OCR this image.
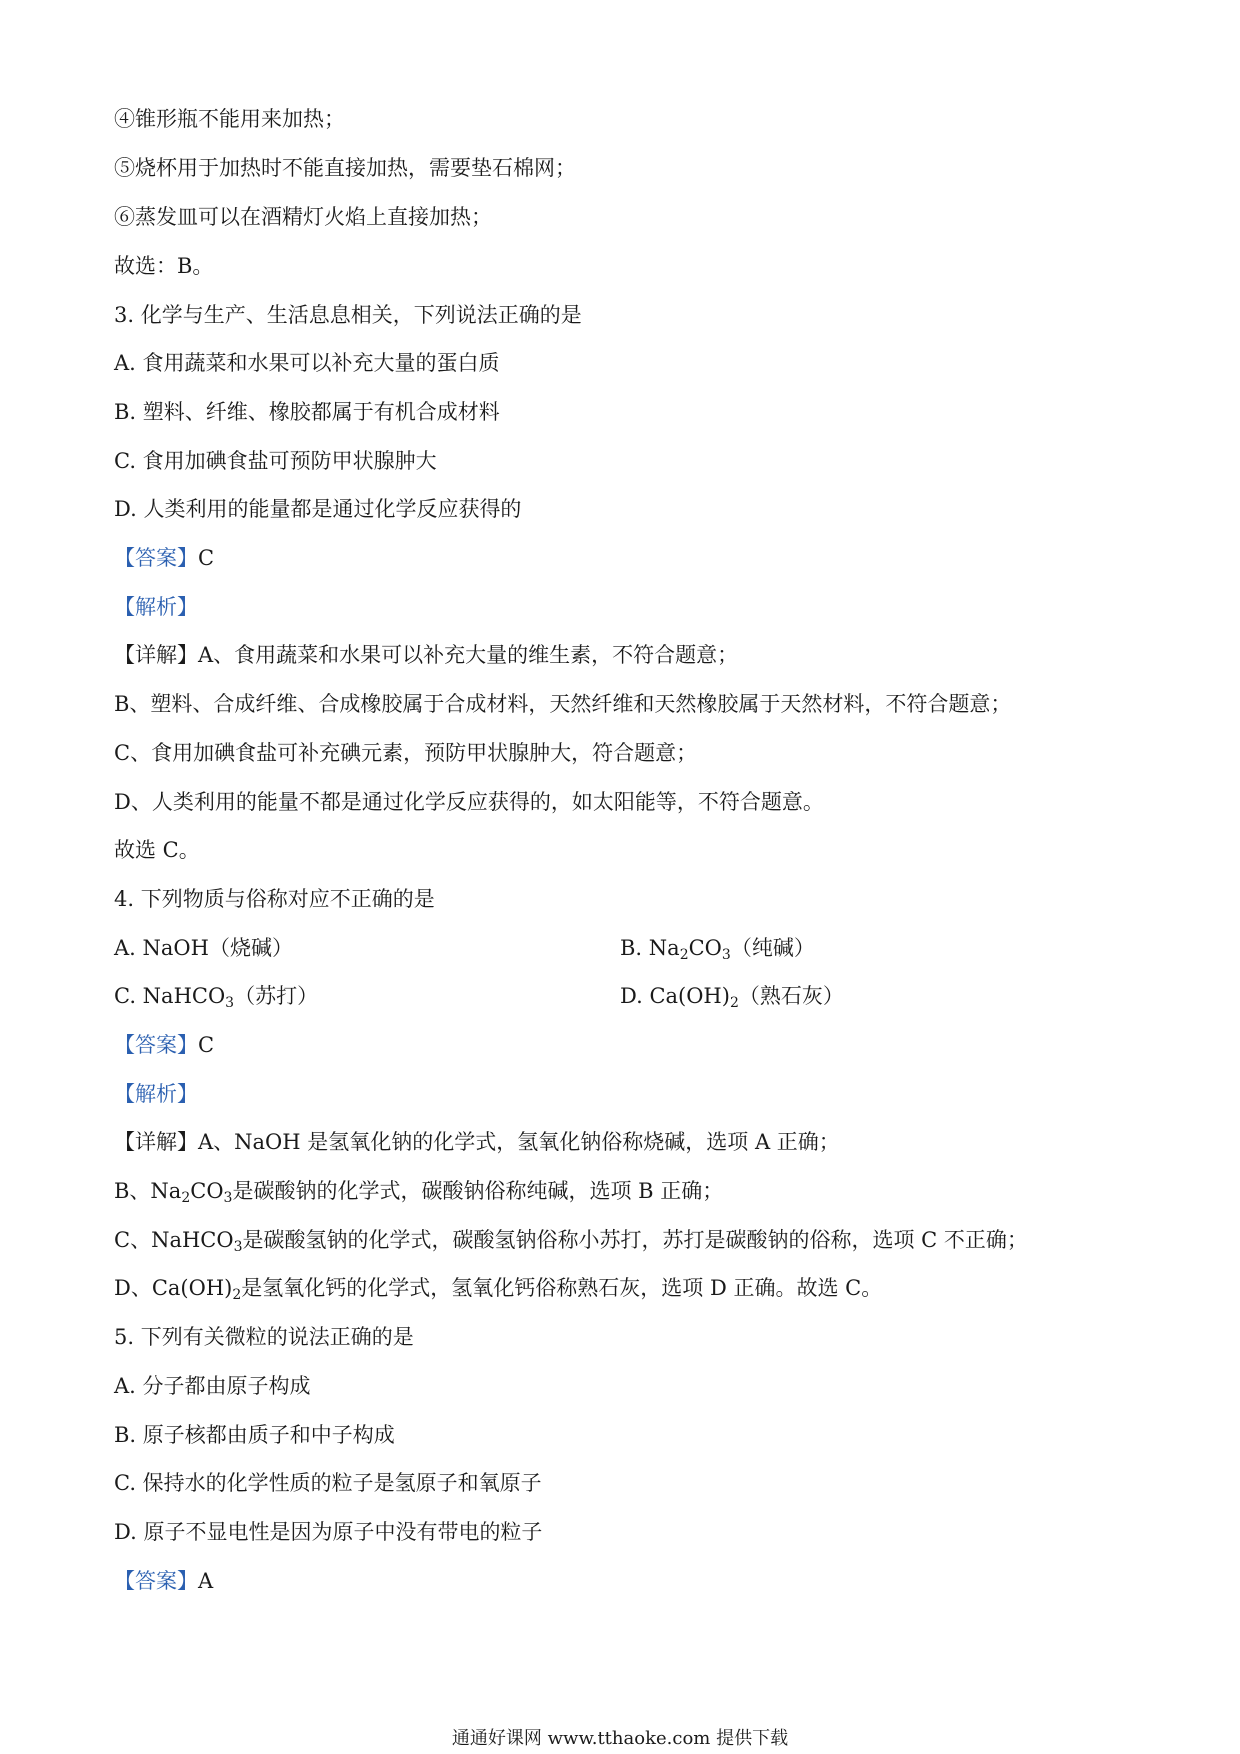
④锥形瓶不能用来加热；
⑤烧杯用于加热时不能直接加热，需要垫石棉网；
⑥蒸发皿可以在酒精灯火焰上直接加热；
故选：B。
3. 化学与生产、生活息息相关，下列说法正确的是
A. 食用蔬菜和水果可以补充大量的蛋白质
B. 塑料、纤维、橡胶都属于有机合成材料
C. 食用加碘食盐可预防甲状腺肿大
D. 人类利用的能量都是通过化学反应获得的
【答案】C
【解析】
【详解】A、食用蔬菜和水果可以补充大量的维生素，不符合题意；
B、塑料、合成纤维、合成橡胶属于合成材料，天然纤维和天然橡胶属于天然材料，不符合题意；
C、食用加碘食盐可补充碘元素，预防甲状腺肿大，符合题意；
D、人类利用的能量不都是通过化学反应获得的，如太阳能等，不符合题意。
故选 C。
4. 下列物质与俗称对应不正确的是
A. NaOH（烧碱）	B. $Na_2CO_3$（纯碱）
C. NaHCO$_3$（苏打）	D. $Ca(OH)_2$（熟石灰）
【答案】C
【解析】
【详解】A、NaOH 是氢氧化钠的化学式，氢氧化钠俗称烧碱，选项 A 正确；
B、$Na_2CO_3$是碳酸钠的化学式，碳酸钠俗称纯碱，选项 B 正确；
C、NaHCO$_3$是碳酸氢钠的化学式，碳酸氢钠俗称小苏打，苏打是碳酸钠的俗称，选项 C 不正确；
D、$Ca(OH)_2$是氢氧化钙的化学式，氢氧化钙俗称熟石灰，选项 D 正确。故选 C。
5. 下列有关微粒的说法正确的是
A. 分子都由原子构成
B. 原子核都由质子和中子构成
C. 保持水的化学性质的粒子是氢原子和氧原子
D. 原子不显电性是因为原子中没有带电的粒子
【答案】A
通通好课网 www.tthaoke.com 提供下载
